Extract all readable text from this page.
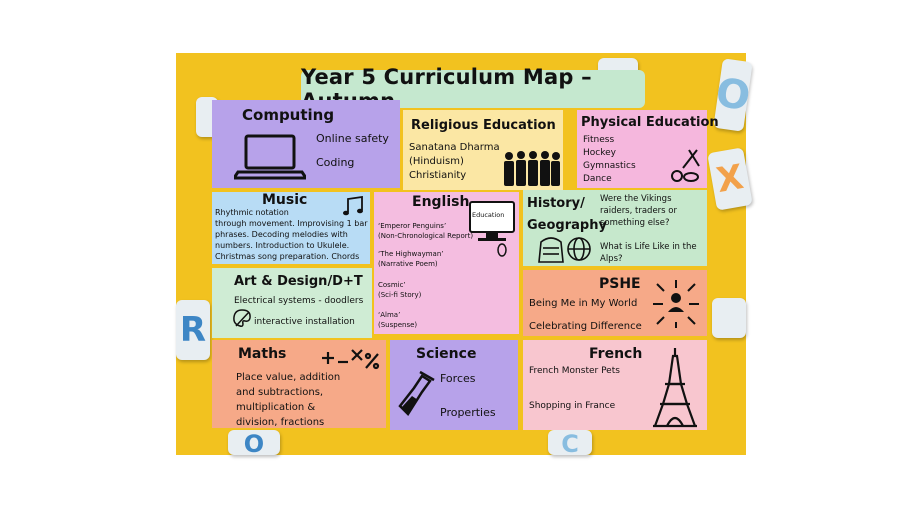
O
X
R
C
O
Year 5 Curriculum Map –
Computing
Online safety
Coding
Religious Education
Sanatana Dharma
(Hinduism)
Christianity
Physical Education
Fitness
Hockey
Gymnastics
Dance
Music
Rhythmic notation
through movement. Improvising 1 bar
phrases. Decoding melodies with
numbers. Introduction to Ukulele.
Christmas song preparation. Chords
English
Education
‘Emperor Penguins’
(Non-Chronological Report)
‘The Highwayman’
(Narrative Poem)
Cosmic’
(Sci-fi Story)
‘Alma’
(Suspense)
History/
Geography
Were the Vikings
raiders, traders or
something else?
What is Life Like in the
Alps?
Art & Design/D+T
Electrical systems - doodlers
interactive installation
PSHE
Being Me in My World
Celebrating Difference
Maths
Place value, addition
and subtractions,
multiplication &
division, fractions
Science
Forces
Properties
French
French Monster Pets
Shopping in France
